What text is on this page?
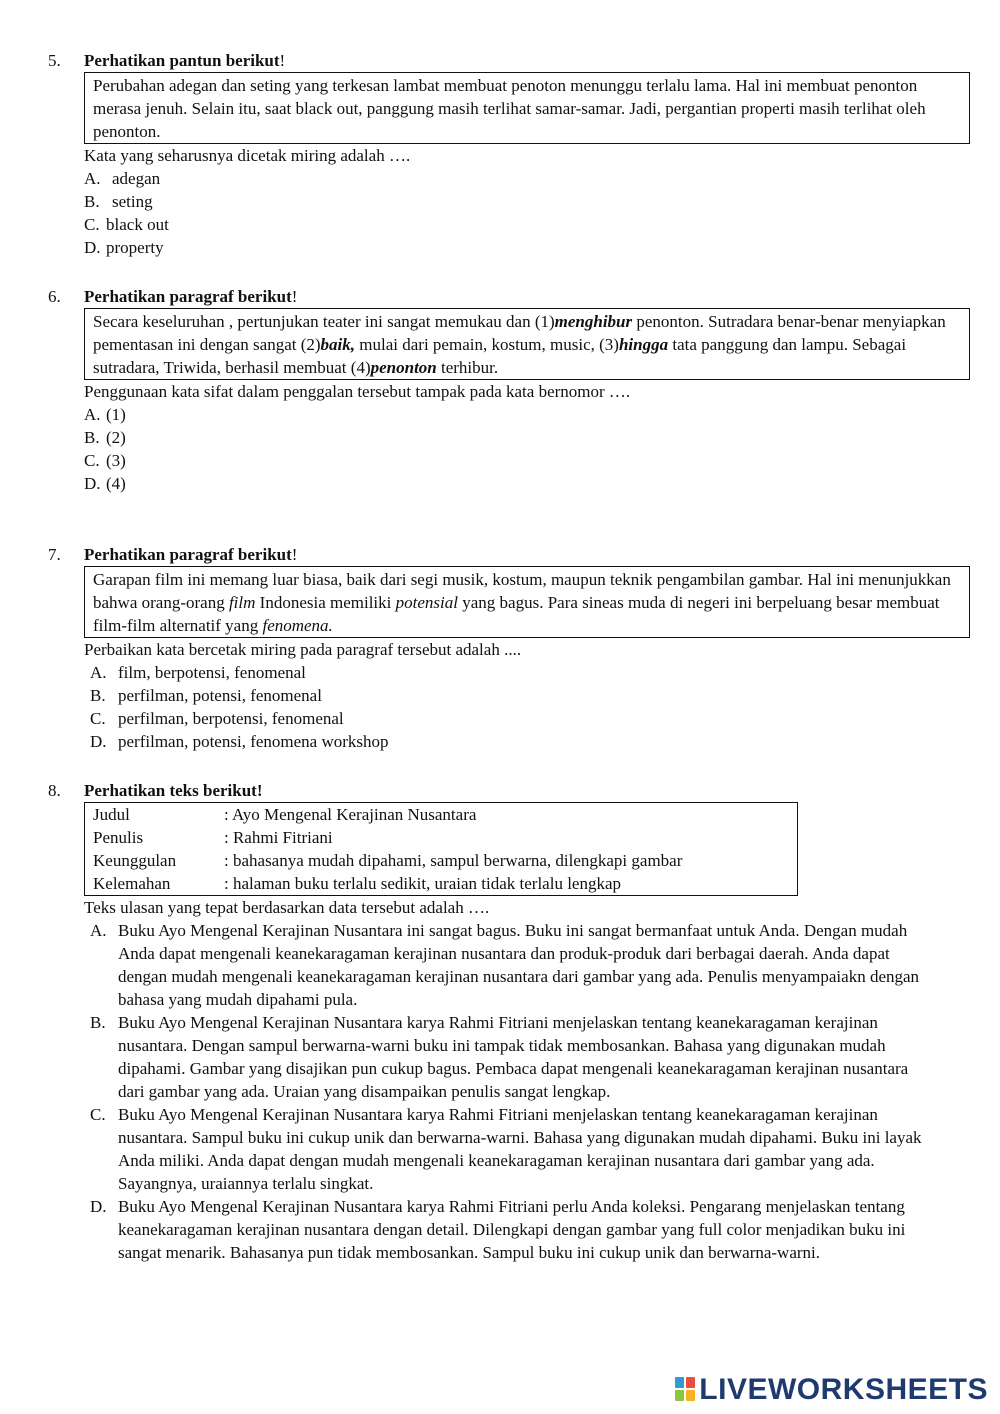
5.	Perhatikan pantun berikut!

Perubahan adegan dan seting yang terkesan lambat membuat penoton menunggu terlalu lama. Hal ini membuat penonton merasa jenuh. Selain itu, saat black out, panggung masih terlihat samar-samar. Jadi, pergantian properti masih terlihat oleh penonton.

Kata yang seharusnya dicetak miring adalah ….
A. adegan
B. seting
C. black out
D. property
6.	Perhatikan paragraf berikut!

Secara keseluruhan , pertunjukan teater ini sangat memukau dan (1)menghibur penonton. Sutradara benar-benar menyiapkan pementasan ini dengan sangat (2)baik, mulai dari pemain, kostum, music, (3)hingga tata panggung dan lampu. Sebagai sutradara, Triwida, berhasil membuat (4)penonton terhibur.

Penggunaan kata sifat dalam penggalan tersebut tampak pada kata bernomor ….
A. (1)
B. (2)
C. (3)
D. (4)
7.	Perhatikan paragraf berikut!

Garapan film ini memang luar biasa, baik dari segi musik, kostum, maupun teknik pengambilan gambar. Hal ini menunjukkan bahwa orang-orang film Indonesia memiliki potensial yang bagus. Para sineas muda di negeri ini berpeluang besar membuat film-film alternatif yang fenomena.

Perbaikan kata bercetak miring pada paragraf tersebut adalah ....
A. film, berpotensi, fenomenal
B. perfilman, potensi, fenomenal
C. perfilman, berpotensi, fenomenal
D. perfilman, potensi, fenomena workshop
8.	Perhatikan teks berikut!
Judul	: Ayo Mengenal Kerajinan Nusantara
Penulis	: Rahmi Fitriani
Keunggulan	: bahasanya mudah dipahami, sampul berwarna, dilengkapi gambar
Kelemahan	: halaman buku terlalu sedikit, uraian tidak terlalu lengkap
Teks ulasan yang tepat berdasarkan data tersebut adalah ….
A. Buku Ayo Mengenal Kerajinan Nusantara ini sangat bagus. Buku ini sangat bermanfaat untuk Anda. Dengan mudah Anda dapat mengenali keanekaragaman kerajinan nusantara dan produk-produk dari berbagai daerah. Anda dapat dengan mudah mengenali keanekaragaman kerajinan nusantara dari gambar yang ada. Penulis menyampaiakn dengan bahasa yang mudah dipahami pula.
B. Buku Ayo Mengenal Kerajinan Nusantara karya Rahmi Fitriani menjelaskan tentang keanekaragaman kerajinan nusantara. Dengan sampul berwarna-warni buku ini tampak tidak membosankan. Bahasa yang digunakan mudah dipahami. Gambar yang disajikan pun cukup bagus. Pembaca dapat mengenali keanekaragaman kerajinan nusantara dari gambar yang ada. Uraian yang disampaikan penulis sangat lengkap.
C. Buku Ayo Mengenal Kerajinan Nusantara karya Rahmi Fitriani menjelaskan tentang keanekaragaman kerajinan nusantara. Sampul buku ini cukup unik dan berwarna-warni. Bahasa yang digunakan mudah dipahami. Buku ini layak Anda miliki. Anda dapat dengan mudah mengenali keanekaragaman kerajinan nusantara dari gambar yang ada. Sayangnya, uraiannya terlalu singkat.
D. Buku Ayo Mengenal Kerajinan Nusantara karya Rahmi Fitriani perlu Anda koleksi. Pengarang menjelaskan tentang keanekaragaman kerajinan nusantara dengan detail. Dilengkapi dengan gambar yang full color menjadikan buku ini sangat menarik. Bahasanya pun tidak membosankan. Sampul buku ini cukup unik dan berwarna-warni.
LIVEWORKSHEETS
